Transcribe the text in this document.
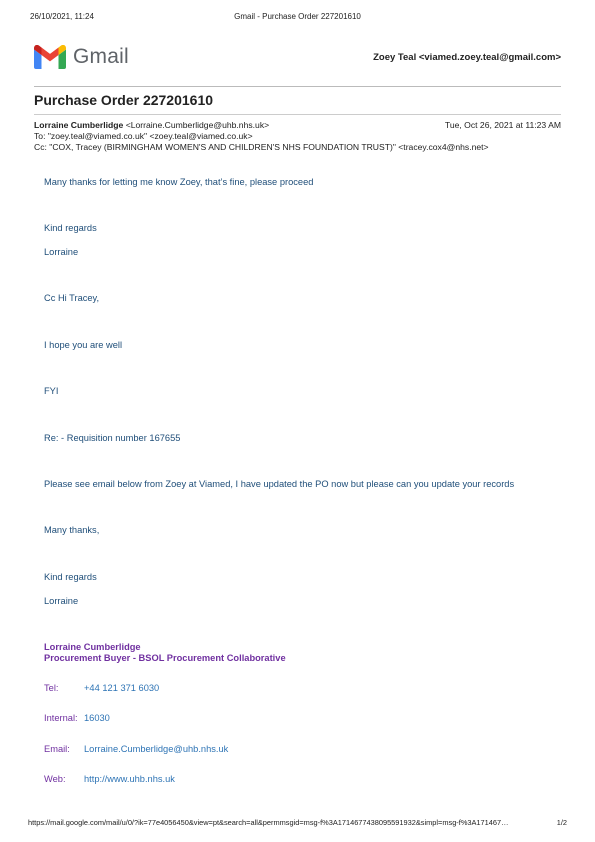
26/10/2021, 11:24	Gmail - Purchase Order 227201610
Gmail	Zoey Teal <viamed.zoey.teal@gmail.com>
Purchase Order 227201610
Lorraine Cumberlidge <Lorraine.Cumberlidge@uhb.nhs.uk>	Tue, Oct 26, 2021 at 11:23 AM
To: "zoey.teal@viamed.co.uk" <zoey.teal@viamed.co.uk>
Cc: "COX, Tracey (BIRMINGHAM WOMEN'S AND CHILDREN'S NHS FOUNDATION TRUST)" <tracey.cox4@nhs.net>
Many thanks for letting me know Zoey, that’s fine, please proceed
Kind regards
Lorraine
Cc Hi Tracey,
I hope you are well
FYI
Re: - Requisition number 167655
Please see email below from Zoey at Viamed, I have updated the PO now but please can you update your records
Many thanks,
Kind regards
Lorraine
Lorraine Cumberlidge
Procurement Buyer - BSOL Procurement Collaborative
Tel:	+44 121 371 6030
Internal: 16030
Email: Lorraine.Cumberlidge@uhb.nhs.uk
Web: http://www.uhb.nhs.uk
https://mail.google.com/mail/u/0/?ik=77e4056450&view=pt&search=all&permmsgid=msg-f%3A1714677438095591932&simpl=msg-f%3A171467…	1/2
